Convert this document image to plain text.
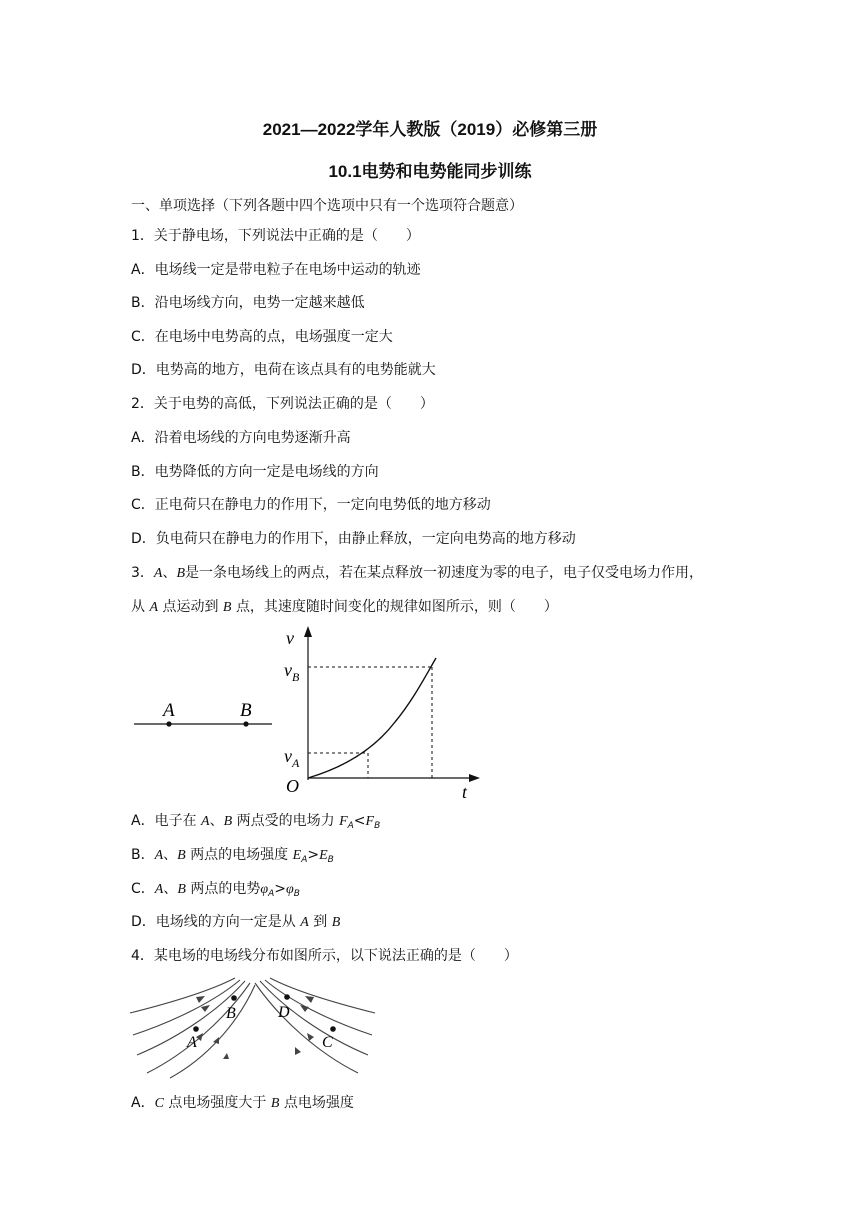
2021—2022学年人教版（2019）必修第三册
10.1电势和电势能同步训练
一、单项选择（下列各题中四个选项中只有一个选项符合题意）
1．关于静电场，下列说法中正确的是（　　）
A．电场线一定是带电粒子在电场中运动的轨迹
B．沿电场线方向，电势一定越来越低
C．在电场中电势高的点，电场强度一定大
D．电势高的地方，电荷在该点具有的电势能就大
2．关于电势的高低，下列说法正确的是（　　）
A．沿着电场线的方向电势逐渐升高
B．电势降低的方向一定是电场线的方向
C．正电荷只在静电力的作用下，一定向电势低的地方移动
D．负电荷只在静电力的作用下，由静止释放，一定向电势高的地方移动
3．A、B是一条电场线上的两点，若在某点释放一初速度为零的电子，电子仅受电场力作用，
从 A 点运动到 B 点，其速度随时间变化的规律如图所示，则（　　）
A	B
v
t
O
$v_B$
$v_A$
A．电子在 A、B 两点受的电场力 $F_A<F_B$
B．A、B 两点的电场强度 $E_A>E_B$
C．A、B 两点的电势$\varphi_A>\varphi_B$
D．电场线的方向一定是从 A 到 B
4．某电场的电场线分布如图所示，以下说法正确的是（　　）
A
B
C
D
A．C 点电场强度大于 B 点电场强度
